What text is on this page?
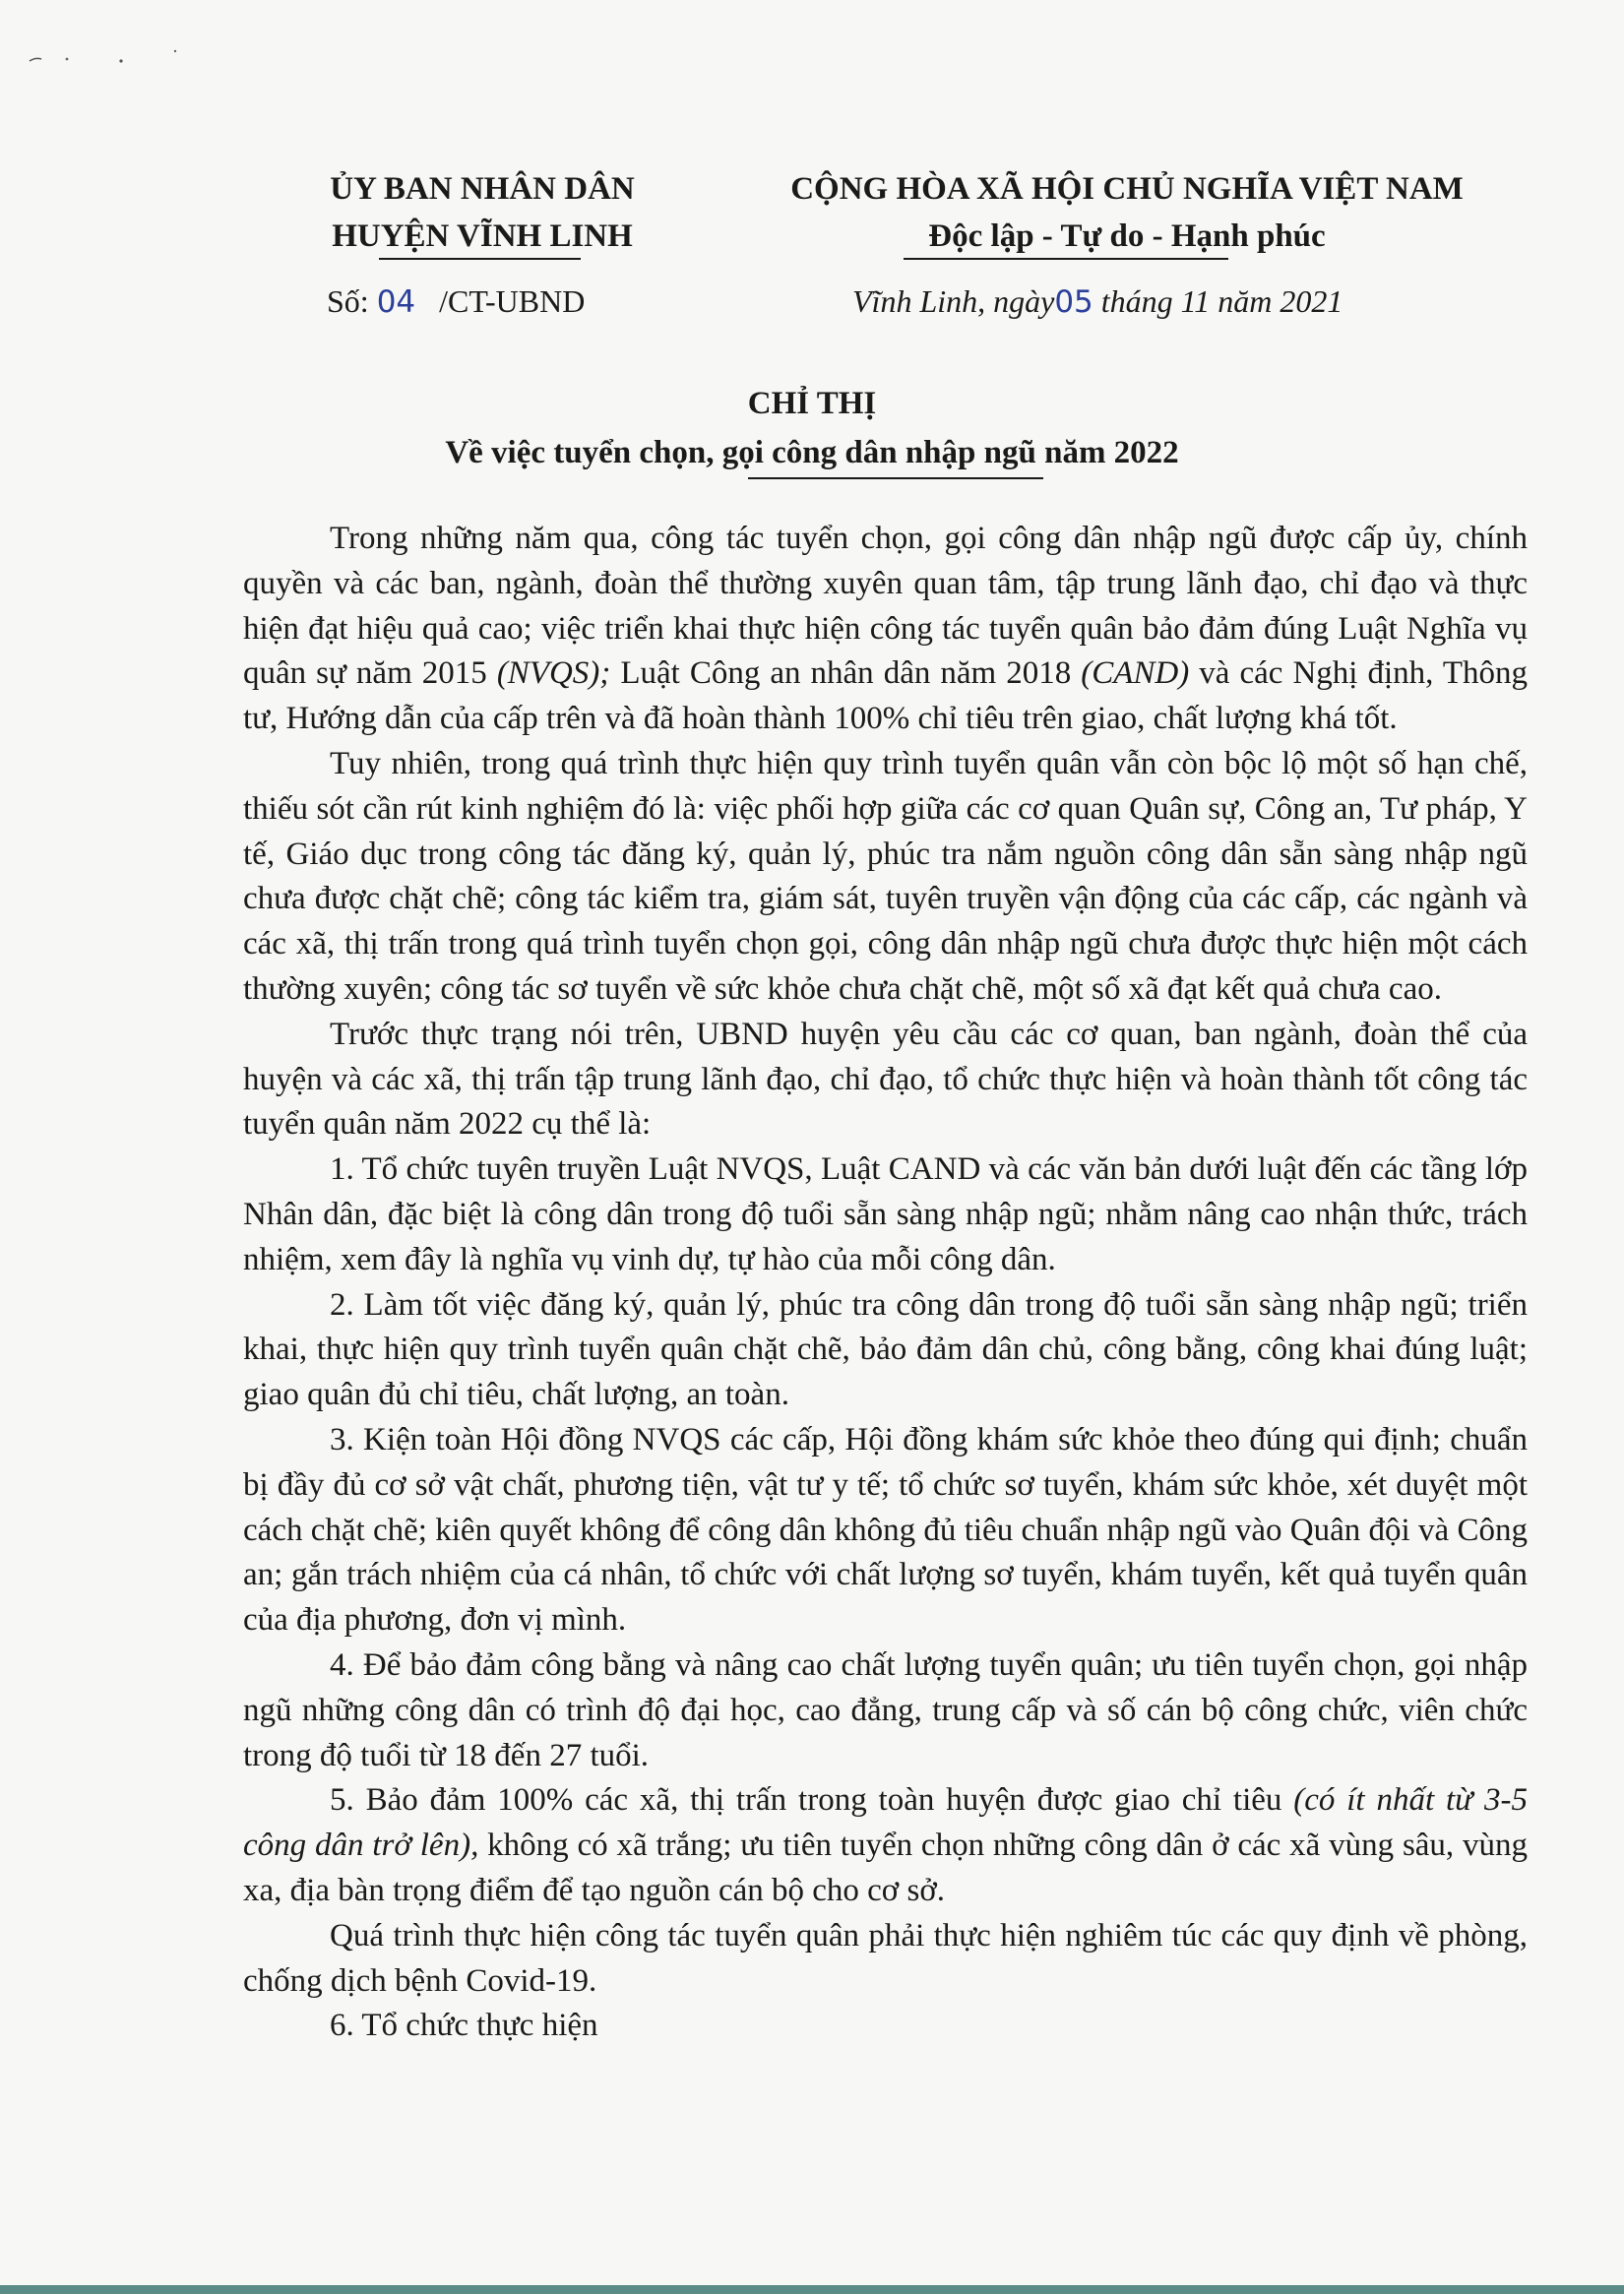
ỦY BAN NHÂN DÂN
HUYỆN VĨNH LINH
CỘNG HÒA XÃ HỘI CHỦ NGHĨA VIỆT NAM
Độc lập - Tự do - Hạnh phúc
Số: 04 /CT-UBND	Vĩnh Linh, ngày05 tháng 11 năm 2021
CHỈ THỊ
Về việc tuyển chọn, gọi công dân nhập ngũ năm 2022

Trong những năm qua, công tác tuyển chọn, gọi công dân nhập ngũ được cấp ủy, chính quyền và các ban, ngành, đoàn thể thường xuyên quan tâm, tập trung lãnh đạo, chỉ đạo và thực hiện đạt hiệu quả cao; việc triển khai thực hiện công tác tuyển quân bảo đảm đúng Luật Nghĩa vụ quân sự năm 2015 (NVQS); Luật Công an nhân dân năm 2018 (CAND) và các Nghị định, Thông tư, Hướng dẫn của cấp trên và đã hoàn thành 100% chỉ tiêu trên giao, chất lượng khá tốt.

Tuy nhiên, trong quá trình thực hiện quy trình tuyển quân vẫn còn bộc lộ một số hạn chế, thiếu sót cần rút kinh nghiệm đó là: việc phối hợp giữa các cơ quan Quân sự, Công an, Tư pháp, Y tế, Giáo dục trong công tác đăng ký, quản lý, phúc tra nắm nguồn công dân sẵn sàng nhập ngũ chưa được chặt chẽ; công tác kiểm tra, giám sát, tuyên truyền vận động của các cấp, các ngành và các xã, thị trấn trong quá trình tuyển chọn gọi, công dân nhập ngũ chưa được thực hiện một cách thường xuyên; công tác sơ tuyển về sức khỏe chưa chặt chẽ, một số xã đạt kết quả chưa cao.

Trước thực trạng nói trên, UBND huyện yêu cầu các cơ quan, ban ngành, đoàn thể của huyện và các xã, thị trấn tập trung lãnh đạo, chỉ đạo, tổ chức thực hiện và hoàn thành tốt công tác tuyển quân năm 2022 cụ thể là:

1. Tổ chức tuyên truyền Luật NVQS, Luật CAND và các văn bản dưới luật đến các tầng lớp Nhân dân, đặc biệt là công dân trong độ tuổi sẵn sàng nhập ngũ; nhằm nâng cao nhận thức, trách nhiệm, xem đây là nghĩa vụ vinh dự, tự hào của mỗi công dân.

2. Làm tốt việc đăng ký, quản lý, phúc tra công dân trong độ tuổi sẵn sàng nhập ngũ; triển khai, thực hiện quy trình tuyển quân chặt chẽ, bảo đảm dân chủ, công bằng, công khai đúng luật; giao quân đủ chỉ tiêu, chất lượng, an toàn.

3. Kiện toàn Hội đồng NVQS các cấp, Hội đồng khám sức khỏe theo đúng qui định; chuẩn bị đầy đủ cơ sở vật chất, phương tiện, vật tư y tế; tổ chức sơ tuyển, khám sức khỏe, xét duyệt một cách chặt chẽ; kiên quyết không để công dân không đủ tiêu chuẩn nhập ngũ vào Quân đội và Công an; gắn trách nhiệm của cá nhân, tổ chức với chất lượng sơ tuyển, khám tuyển, kết quả tuyển quân của địa phương, đơn vị mình.

4. Để bảo đảm công bằng và nâng cao chất lượng tuyển quân; ưu tiên tuyển chọn, gọi nhập ngũ những công dân có trình độ đại học, cao đẳng, trung cấp và số cán bộ công chức, viên chức trong độ tuổi từ 18 đến 27 tuổi.

5. Bảo đảm 100% các xã, thị trấn trong toàn huyện được giao chỉ tiêu (có ít nhất từ 3-5 công dân trở lên), không có xã trắng; ưu tiên tuyển chọn những công dân ở các xã vùng sâu, vùng xa, địa bàn trọng điểm để tạo nguồn cán bộ cho cơ sở.

Quá trình thực hiện công tác tuyển quân phải thực hiện nghiêm túc các quy định về phòng, chống dịch bệnh Covid-19.

6. Tổ chức thực hiện
